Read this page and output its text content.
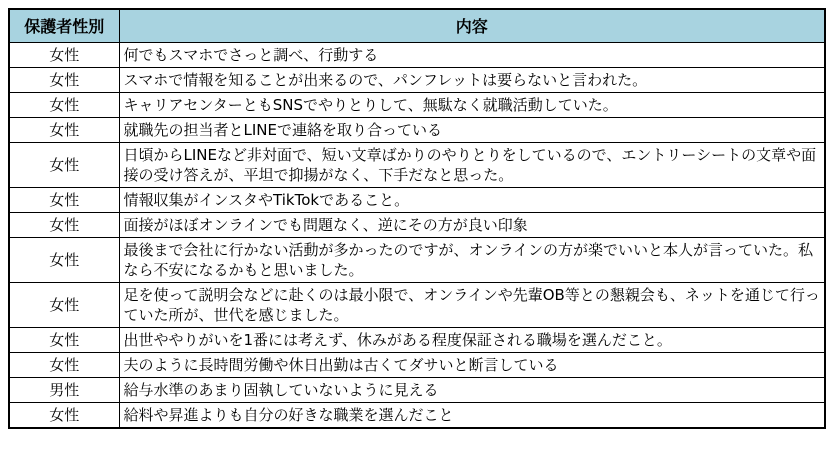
保護者性別	内容
女性	何でもスマホでさっと調べ、行動する
女性	スマホで情報を知ることが出来るので、パンフレットは要らないと言われた。
女性	キャリアセンターともSNSでやりとりして、無駄なく就職活動していた。
女性	就職先の担当者とLINEで連絡を取り合っている
女性	日頃からLINEなど非対面で、短い文章ばかりのやりとりをしているので、エントリーシートの文章や面接の受け答えが、平坦で抑揚がなく、下手だなと思った。
女性	情報収集がインスタやTikTokであること。
女性	面接がほぼオンラインでも問題なく、逆にその方が良い印象
女性	最後まで会社に行かない活動が多かったのですが、オンラインの方が楽でいいと本人が言っていた。私なら不安になるかもと思いました。
女性	足を使って説明会などに赴くのは最小限で、オンラインや先輩OB等との懇親会も、ネットを通じて行っていた所が、世代を感じました。
女性	出世ややりがいを1番には考えず、休みがある程度保証される職場を選んだこと。
女性	夫のように長時間労働や休日出勤は古くてダサいと断言している
男性	給与水準のあまり固執していないように見える
女性	給料や昇進よりも自分の好きな職業を選んだこと
